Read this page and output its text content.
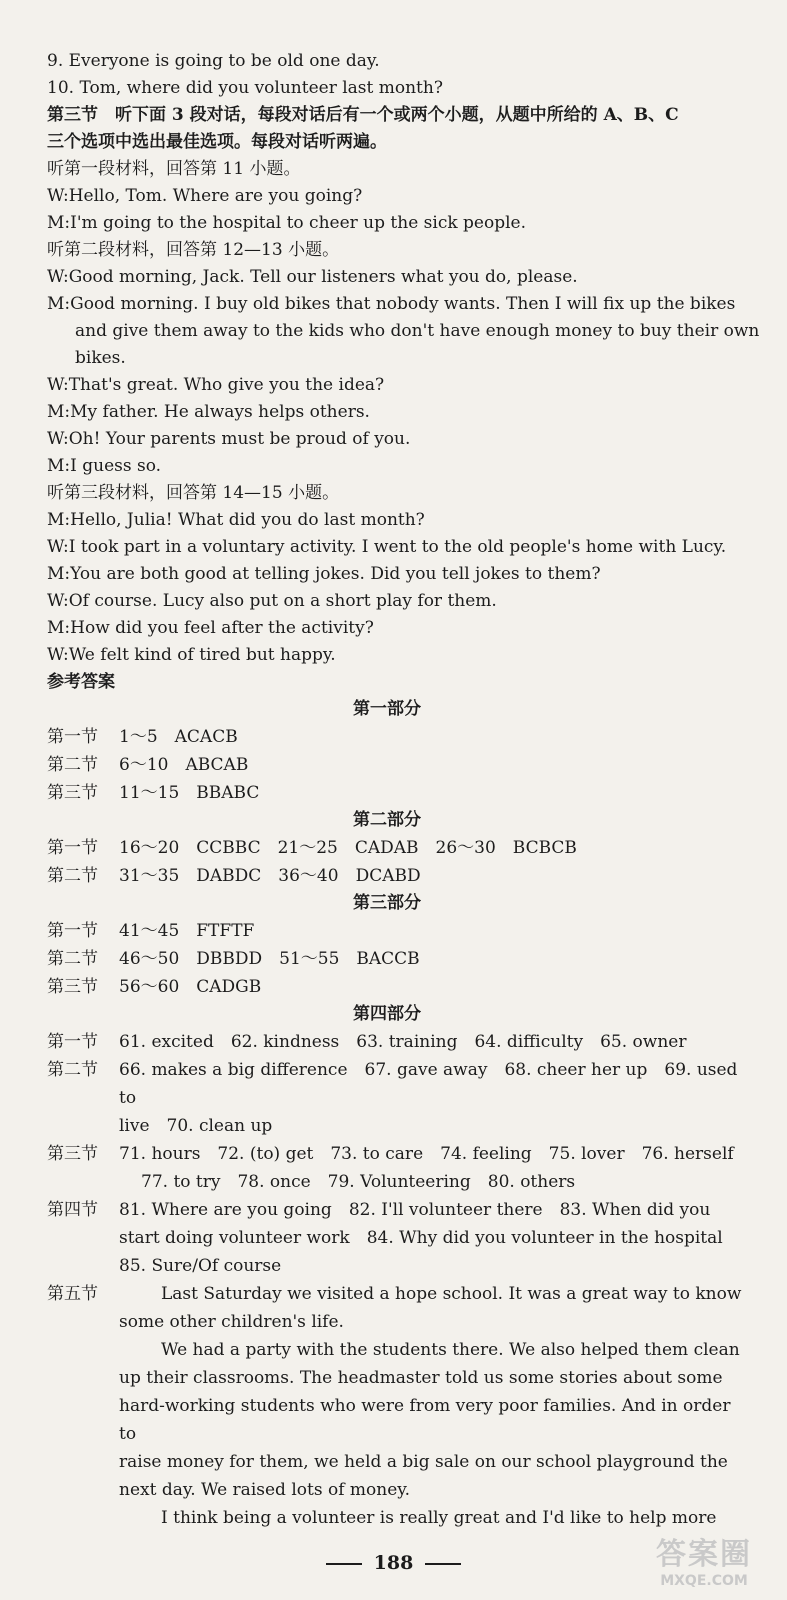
9. Everyone is going to be old one day.
10. Tom, where did you volunteer last month?
第三节　听下面 3 段对话，每段对话后有一个或两个小题，从题中所给的 A、B、C
三个选项中选出最佳选项。每段对话听两遍。
听第一段材料，回答第 11 小题。
W:Hello, Tom. Where are you going?
M:I'm going to the hospital to cheer up the sick people.
听第二段材料，回答第 12—13 小题。
W:Good morning, Jack. Tell our listeners what you do, please.
M:Good morning. I buy old bikes that nobody wants. Then I will fix up the bikes
and give them away to the kids who don't have enough money to buy their own
bikes.
W:That's great. Who give you the idea?
M:My father. He always helps others.
W:Oh! Your parents must be proud of you.
M:I guess so.
听第三段材料，回答第 14—15 小题。
M:Hello, Julia! What did you do last month?
W:I took part in a voluntary activity. I went to the old people's home with Lucy.
M:You are both good at telling jokes. Did you tell jokes to them?
W:Of course. Lucy also put on a short play for them.
M:How did you feel after the activity?
W:We felt kind of tired but happy.
参考答案
第一部分
第一节	1～5　ACACB
第二节	6～10　ABCAB
第三节	11～15　BBABC
第二部分
第一节	16～20　CCBBC　21～25　CADAB　26～30　BCBCB
第二节	31～35　DABDC　36～40　DCABD
第三部分
第一节	41～45　FTFTF
第二节	46～50　DBBDD　51～55　BACCB
第三节	56～60　CADGB
第四部分
第一节	61. excited　62. kindness　63. training　64. difficulty　65. owner
第二节	66. makes a big difference　67. gave away　68. cheer her up　69. used to
live　70. clean up
第三节	71. hours　72. (to) get　73. to care　74. feeling　75. lover　76. herself
77. to try　78. once　79. Volunteering　80. others
第四节	81. Where are you going　82. I'll volunteer there　83. When did you
start doing volunteer work　84. Why did you volunteer in the hospital
85. Sure/Of course
第五节	Last Saturday we visited a hope school. It was a great way to know
some other children's life.
We had a party with the students there. We also helped them clean
up their classrooms. The headmaster told us some stories about some
hard-working students who were from very poor families. And in order to
raise money for them, we held a big sale on our school playground the
next day. We raised lots of money.
I think being a volunteer is really great and I'd like to help more
188	答案圈
MXQE.COM
